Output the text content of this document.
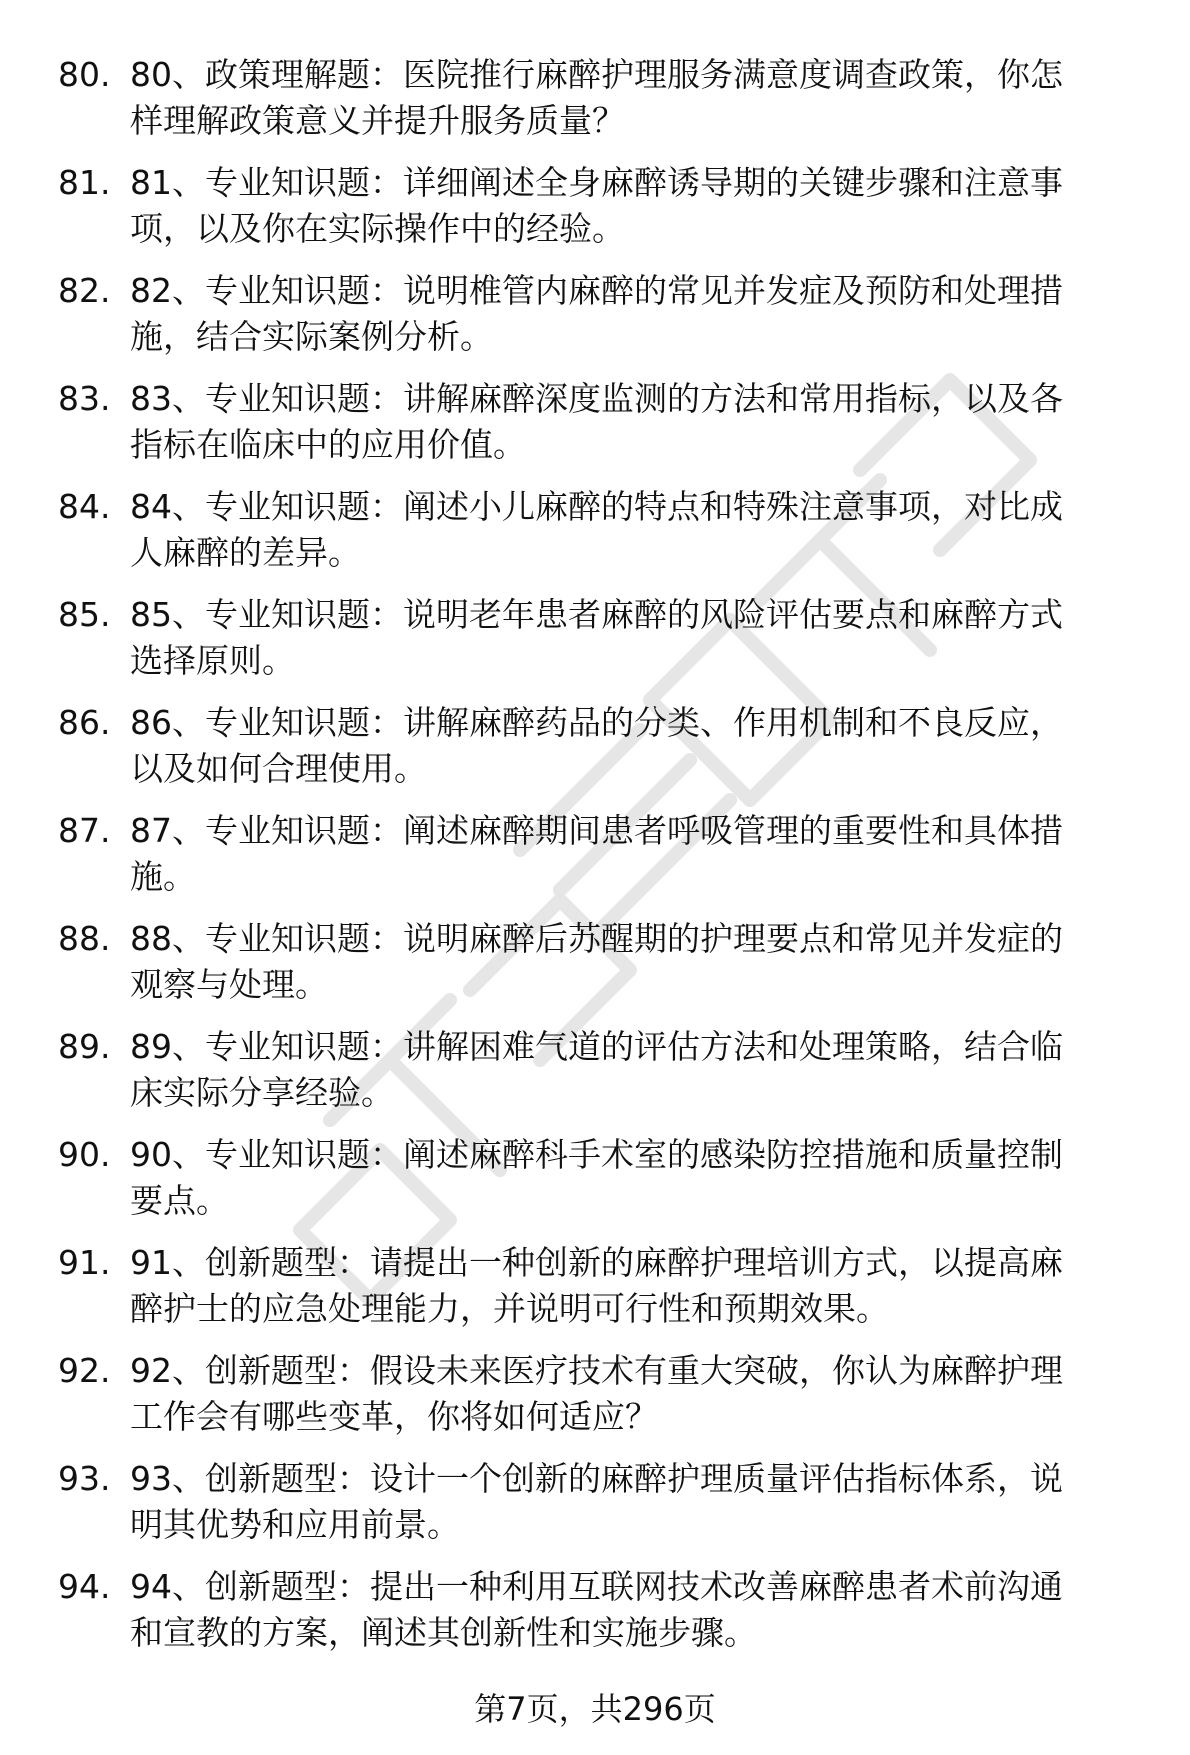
80. 80、政策理解题：医院推行麻醉护理服务满意度调查政策，你怎
样理解政策意义并提升服务质量？
81. 81、专业知识题：详细阐述全身麻醉诱导期的关键步骤和注意事
项，以及你在实际操作中的经验。
82. 82、专业知识题：说明椎管内麻醉的常见并发症及预防和处理措
施，结合实际案例分析。
83. 83、专业知识题：讲解麻醉深度监测的方法和常用指标，以及各
指标在临床中的应用价值。
84. 84、专业知识题：阐述小儿麻醉的特点和特殊注意事项，对比成
人麻醉的差异。
85. 85、专业知识题：说明老年患者麻醉的风险评估要点和麻醉方式
选择原则。
86. 86、专业知识题：讲解麻醉药品的分类、作用机制和不良反应，
以及如何合理使用。
87. 87、专业知识题：阐述麻醉期间患者呼吸管理的重要性和具体措
施。
88. 88、专业知识题：说明麻醉后苏醒期的护理要点和常见并发症的
观察与处理。
89. 89、专业知识题：讲解困难气道的评估方法和处理策略，结合临
床实际分享经验。
90. 90、专业知识题：阐述麻醉科手术室的感染防控措施和质量控制
要点。
91. 91、创新题型：请提出一种创新的麻醉护理培训方式，以提高麻
醉护士的应急处理能力，并说明可行性和预期效果。
92. 92、创新题型：假设未来医疗技术有重大突破，你认为麻醉护理
工作会有哪些变革，你将如何适应？
93. 93、创新题型：设计一个创新的麻醉护理质量评估指标体系，说
明其优势和应用前景。
94. 94、创新题型：提出一种利用互联网技术改善麻醉患者术前沟通
和宣教的方案，阐述其创新性和实施步骤。
第7页，共296页
